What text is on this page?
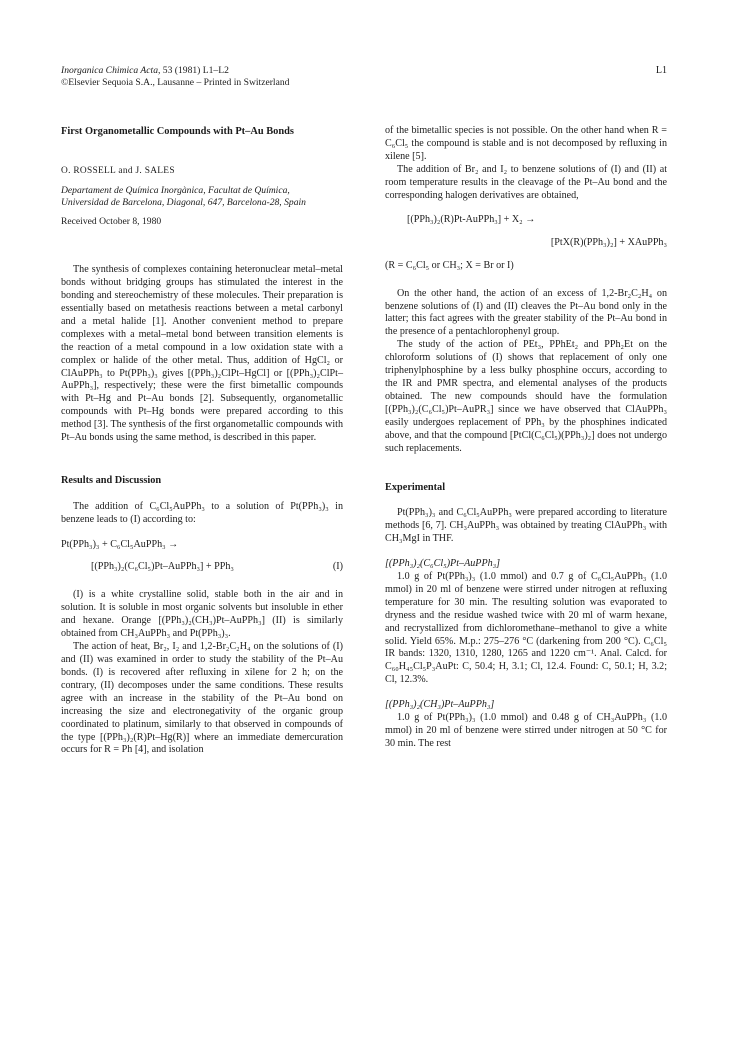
Inorganica Chimica Acta, 53 (1981) L1–L2
©Elsevier Sequoia S.A., Lausanne – Printed in Switzerland
L1
First Organometallic Compounds with Pt–Au Bonds
O. ROSSELL and J. SALES
Departament de Química Inorgànica, Facultat de Química,
Universidad de Barcelona, Diagonal, 647, Barcelona-28, Spain
Received October 8, 1980

The synthesis of complexes containing heteronuclear metal–metal bonds without bridging groups has stimulated the interest in the bonding and stereochemistry of these molecules. Their preparation is essentially based on metathesis reactions between a metal carbonyl and a metal halide [1]. Another convenient method to prepare complexes with a metal–metal bond between transition elements is the reaction of a metal compound in a low oxidation state with a complex or halide of the other metal. Thus, addition of HgCl₂ or ClAuPPh₃ to Pt(PPh₃)₃ gives [(PPh₃)₂ClPt–HgCl] or [(PPh₃)₂ClPt–AuPPh₃], respectively; these were the first bimetallic compounds with Pt–Hg and Pt–Au bonds [2]. Subsequently, organometallic compounds with Pt–Hg bonds were prepared according to this method [3]. The synthesis of the first organometallic compounds with Pt–Au bonds using the same method, is described in this paper.

Results and Discussion

The addition of C₆Cl₅AuPPh₃ to a solution of Pt(PPh₃)₃ in benzene leads to (I) according to:

Pt(PPh₃)₃ + C₆Cl₅AuPPh₃ →
[(PPh₃)₂(C₆Cl₅)Pt–AuPPh₃] + PPh₃	(I)

(I) is a white crystalline solid, stable both in the air and in solution. It is soluble in most organic solvents but insoluble in ether and hexane. Orange [(PPh₃)₂(CH₃)Pt–AuPPh₃] (II) is similarly obtained from CH₃AuPPh₃ and Pt(PPh₃)₃.

The action of heat, Br₂, I₂ and 1,2-Br₂C₂H₄ on the solutions of (I) and (II) was examined in order to study the stability of the Pt–Au bonds. (I) is recovered after refluxing in xilene for 2 h; on the contrary, (II) decomposes under the same conditions. These results agree with an increase in the stability of the Pt–Au bond on increasing the size and electronegativity of the organic group coordinated to platinum, similarly to that observed in compounds of the type [(PPh₃)₂(R)Pt–Hg(R)] where an immediate demercuration occurs for R = Ph [4], and isolation

of the bimetallic species is not possible. On the other hand when R = C₆Cl₅ the compound is stable and is not decomposed by refluxing in xilene [5].

The addition of Br₂ and I₂ to benzene solutions of (I) and (II) at room temperature results in the cleavage of the Pt–Au bond and the corresponding halogen derivatives are obtained,

[(PPh₃)₂(R)Pt-AuPPh₃] + X₂ →
[PtX(R)(PPh₃)₂] + XAuPPh₃
(R = C₆Cl₅ or CH₃; X = Br or I)

On the other hand, the action of an excess of 1,2-Br₂C₂H₄ on benzene solutions of (I) and (II) cleaves the Pt–Au bond only in the latter; this fact agrees with the greater stability of the Pt–Au bond in the presence of a pentachlorophenyl group.

The study of the action of PEt₃, PPhEt₂ and PPh₂Et on the chloroform solutions of (I) shows that replacement of only one triphenylphosphine by a less bulky phosphine occurs, according to the IR and PMR spectra, and elemental analyses of the products obtained. The new compounds should have the formulation [(PPh₃)₂(C₆Cl₅)Pt–AuPR₃] since we have observed that ClAuPPh₃ easily undergoes replacement of PPh₃ by the phosphines indicated above, and that the compound [PtCl(C₆Cl₅)(PPh₃)₂] does not undergo such replacements.

Experimental

Pt(PPh₃)₃ and C₆Cl₅AuPPh₃ were prepared according to literature methods [6, 7]. CH₃AuPPh₃ was obtained by treating ClAuPPh₃ with CH₃MgI in THF.

[(PPh₃)₂(C₆Cl₅)Pt–AuPPh₃]

1.0 g of Pt(PPh₃)₃ (1.0 mmol) and 0.7 g of C₆Cl₅AuPPh₃ (1.0 mmol) in 20 ml of benzene were stirred under nitrogen at refluxing temperature for 30 min. The resulting solution was evaporated to dryness and the residue washed twice with 20 ml of warm hexane, and recrystallized from dichloromethane–methanol to give a white solid. Yield 65%. M.p.: 275–276 °C (darkening from 200 °C). C₆Cl₅ IR bands: 1320, 1310, 1280, 1265 and 1220 cm⁻¹. Anal. Calcd. for C₆₀H₄₅Cl₅P₃AuPt: C, 50.4; H, 3.1; Cl, 12.4. Found: C, 50.1; H, 3.2; Cl, 12.3%.

[(PPh₃)₂(CH₃)Pt–AuPPh₃]

1.0 g of Pt(PPh₃)₃ (1.0 mmol) and 0.48 g of CH₃AuPPh₃ (1.0 mmol) in 20 ml of benzene were stirred under nitrogen at 50 °C for 30 min. The rest
